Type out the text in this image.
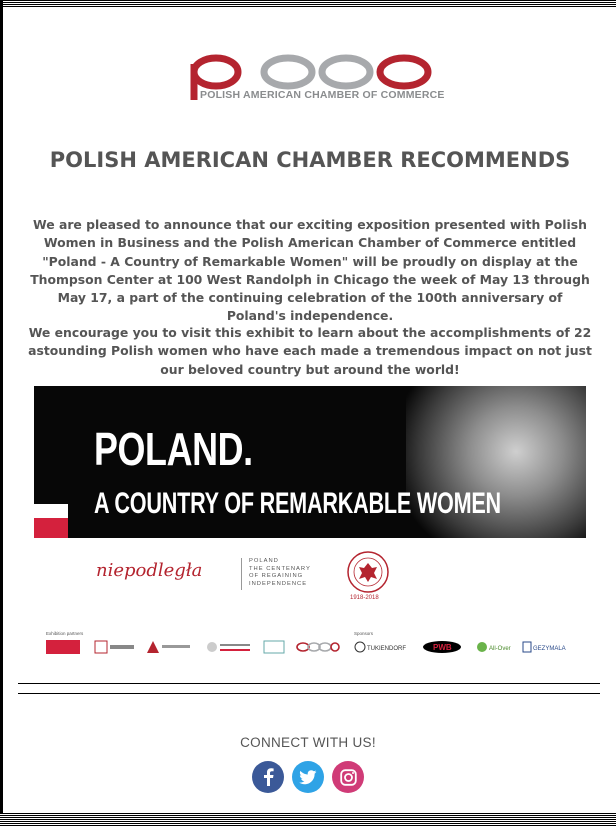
POLISH AMERICAN CHAMBER OF COMMERCE
POLISH AMERICAN CHAMBER RECOMMENDS

We are pleased to announce that our exciting exposition presented with Polish Women in Business and the Polish American Chamber of Commerce entitled "Poland - A Country of Remarkable Women" will be proudly on display at the Thompson Center at 100 West Randolph in Chicago the week of May 13 through May 17, a part of the continuing celebration of the 100th anniversary of Poland's independence.

We encourage you to visit this exhibit to learn about the accomplishments of 22 astounding Polish women who have each made a tremendous impact on not just our beloved country but around the world!

POLAND.
A COUNTRY OF REMARKABLE WOMEN
niepodległa	POLAND
THE CENTENARY
OF REGAINING
INDEPENDENCE
1918-2018
Exhibition partners	Sponsors
TUKIENDORF	PWB	All-Over	GEZYMALA
CONNECT WITH US!
